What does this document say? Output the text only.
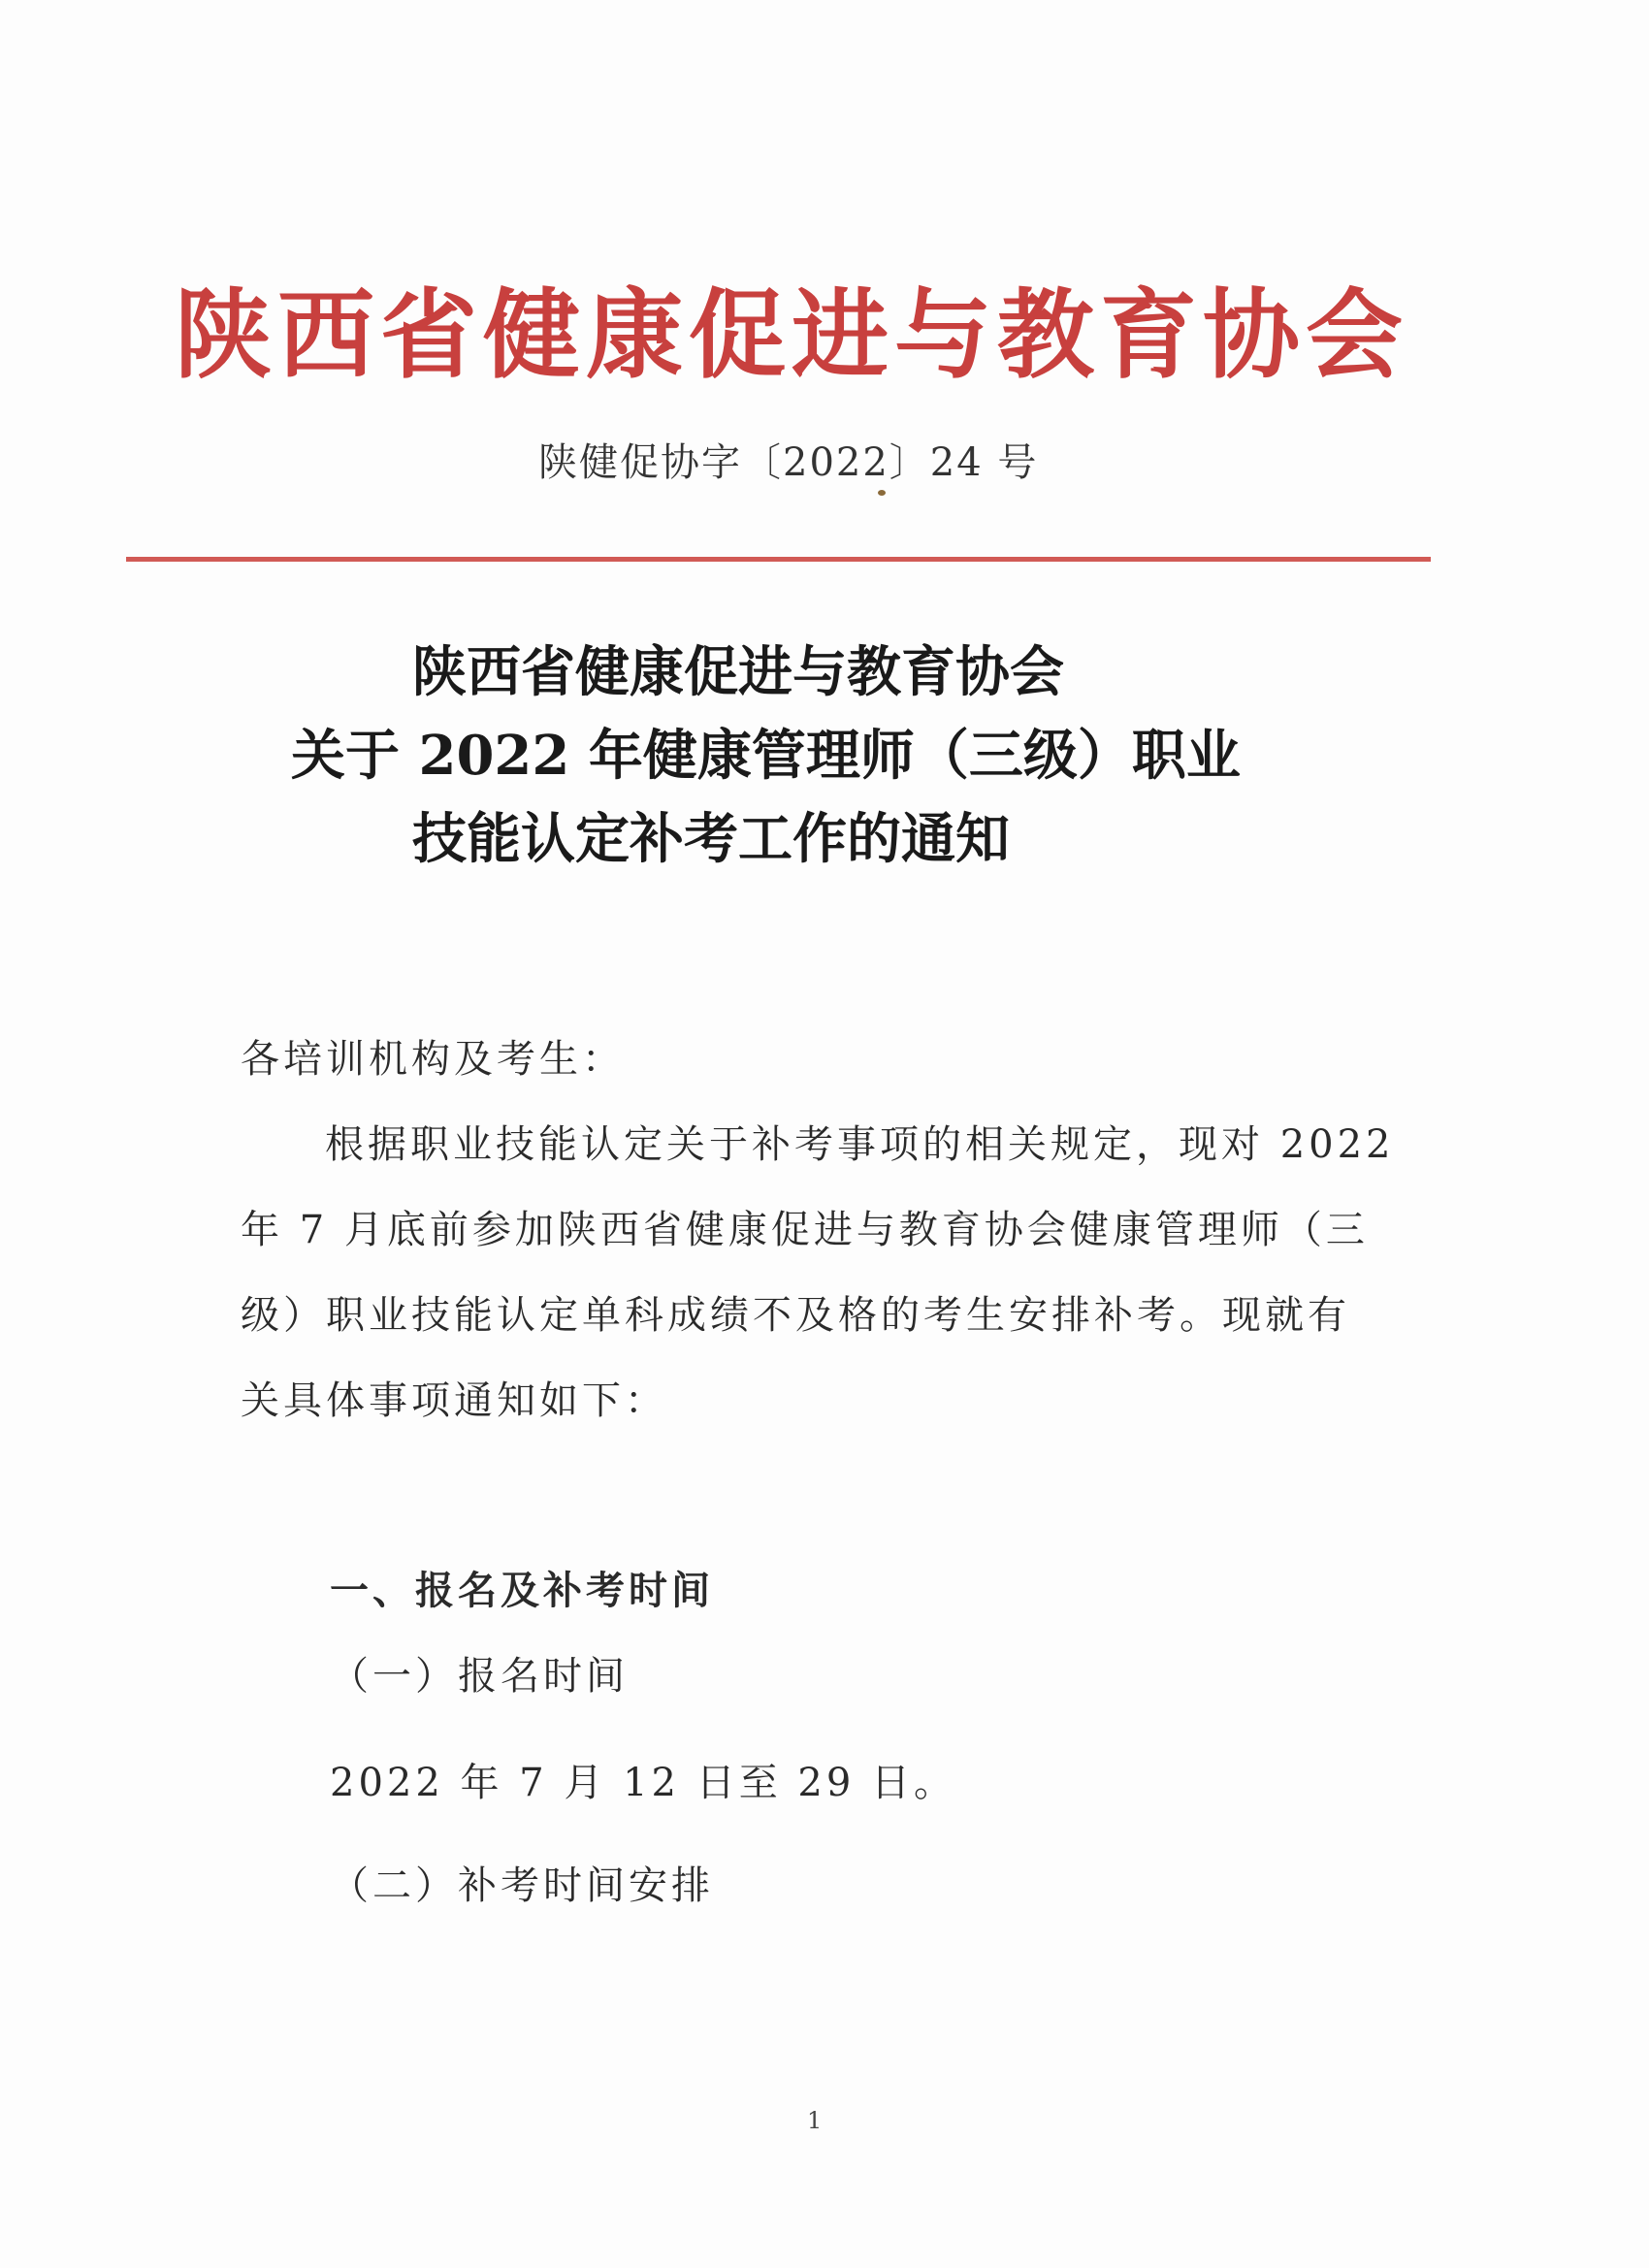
陕西省健康促进与教育协会
陕健促协字〔2022〕24 号
陕西省健康促进与教育协会
关于 2022 年健康管理师（三级）职业
技能认定补考工作的通知
各培训机构及考生：
根据职业技能认定关于补考事项的相关规定，现对 2022
年 7 月底前参加陕西省健康促进与教育协会健康管理师（三
级）职业技能认定单科成绩不及格的考生安排补考。现就有
关具体事项通知如下：
一、报名及补考时间
（一）报名时间
2022 年 7 月 12 日至 29 日。
（二）补考时间安排
1
